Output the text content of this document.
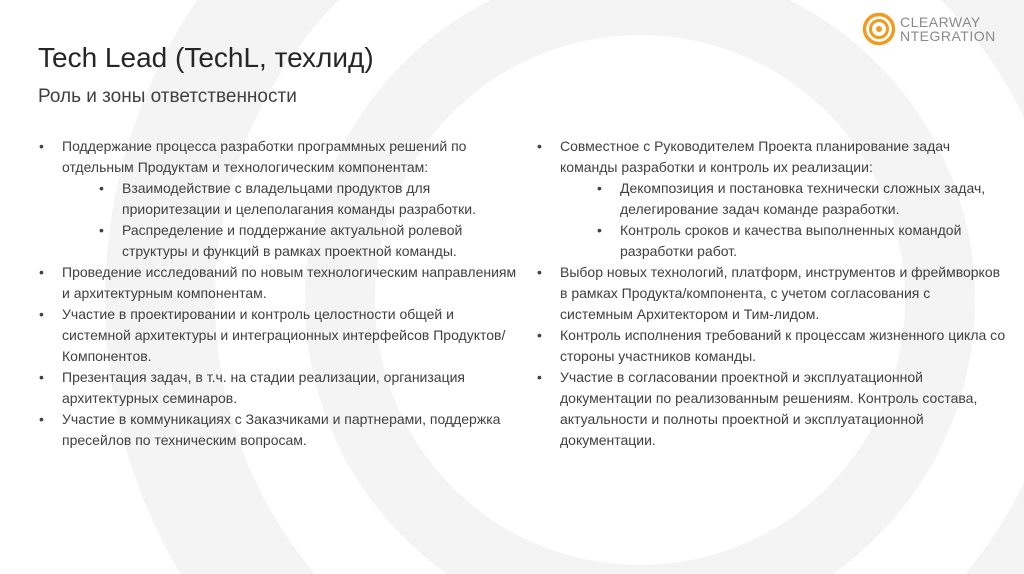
CLEARWAY
NTEGRATION
Tech Lead (TechL, техлид)
Роль и зоны ответственности
• Поддержание процесса разработки программных решений по отдельным Продуктам и технологическим компонентам:
• Взаимодействие с владельцами продуктов для приоритезации и целеполагания команды разработки.
• Распределение и поддержание актуальной ролевой структуры и функций в рамках проектной команды.
• Проведение исследований по новым технологическим направлениям и архитектурным компонентам.
• Участие в проектировании и контроль целостности общей и системной архитектуры и интеграционных интерфейсов Продуктов/Компонентов.
• Презентация задач, в т.ч. на стадии реализации, организация архитектурных семинаров.
• Участие в коммуникациях с Заказчиками и партнерами, поддержка пресейлов по техническим вопросам.
• Совместное с Руководителем Проекта планирование задач команды разработки и контроль их реализации:
• Декомпозиция и постановка технически сложных задач, делегирование задач команде разработки.
• Контроль сроков и качества выполненных командой разработки работ.
• Выбор новых технологий, платформ, инструментов и фреймворков в рамках Продукта/компонента, с учетом согласования с системным Архитектором и Тим-лидом.
• Контроль исполнения требований к процессам жизненного цикла со стороны участников команды.
• Участие в согласовании проектной и эксплуатационной документации по реализованным решениям. Контроль состава, актуальности и полноты проектной и эксплуатационной документации.
